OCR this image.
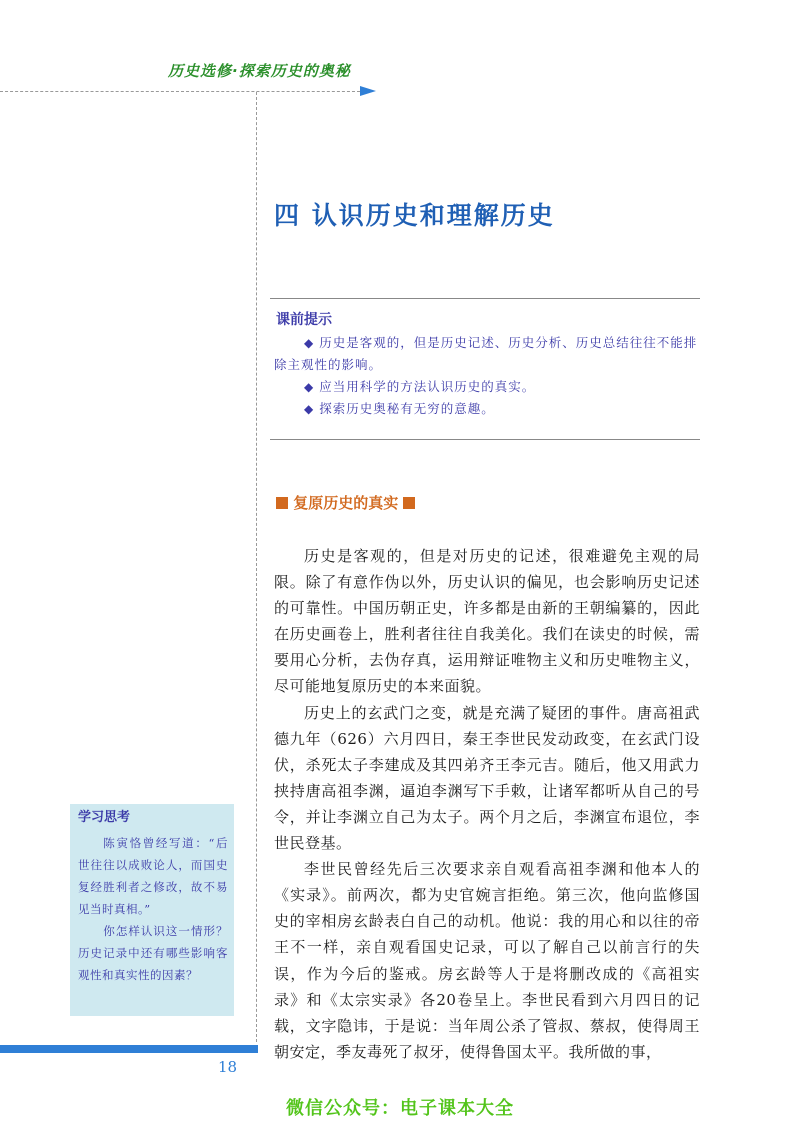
历史选修·探索历史的奥秘
四 认识历史和理解历史
课前提示
◆ 历史是客观的，但是历史记述、历史分析、历史总结往往不能排除主观性的影响。
◆ 应当用科学的方法认识历史的真实。
◆ 探索历史奥秘有无穷的意趣。
复原历史的真实

历史是客观的，但是对历史的记述，很难避免主观的局限。除了有意作伪以外，历史认识的偏见，也会影响历史记述的可靠性。中国历朝正史，许多都是由新的王朝编纂的，因此在历史画卷上，胜利者往往自我美化。我们在读史的时候，需要用心分析，去伪存真，运用辩证唯物主义和历史唯物主义，尽可能地复原历史的本来面貌。

历史上的玄武门之变，就是充满了疑团的事件。唐高祖武德九年（626）六月四日，秦王李世民发动政变，在玄武门设伏，杀死太子李建成及其四弟齐王李元吉。随后，他又用武力挟持唐高祖李渊，逼迫李渊写下手敕，让诸军都听从自己的号令，并让李渊立自己为太子。两个月之后，李渊宣布退位，李世民登基。

李世民曾经先后三次要求亲自观看高祖李渊和他本人的《实录》。前两次，都为史官婉言拒绝。第三次，他向监修国史的宰相房玄龄表白自己的动机。他说：我的用心和以往的帝王不一样，亲自观看国史记录，可以了解自己以前言行的失误，作为今后的鉴戒。房玄龄等人于是将删改成的《高祖实录》和《太宗实录》各20卷呈上。李世民看到六月四日的记载，文字隐讳，于是说：当年周公杀了管叔、蔡叔，使得周王朝安定，季友毒死了叔牙，使得鲁国太平。我所做的事，

学习思考

陈寅恪曾经写道：“后世往往以成败论人，而国史复经胜利者之修改，故不易见当时真相。”

你怎样认识这一情形？历史记录中还有哪些影响客观性和真实性的因素？

18
微信公众号：电子课本大全
